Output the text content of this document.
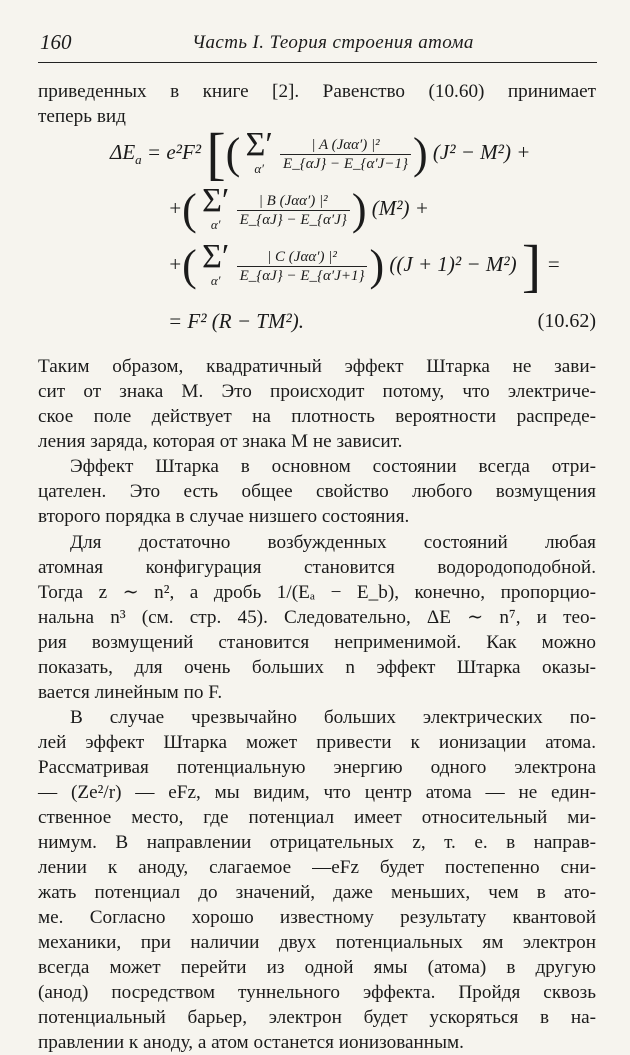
160	Часть I. Теория строения атома

приведенных в книге [2]. Равенство (10.60) принимает

теперь вид

$\Delta E_a = e^2F^2$ [( Σ′
α′
	$\frac{\text{| A (Jαα′) |²}}{E\_\{\alpha J\} - E\_\{\alpha'J-1\}}$ ) (J² − M²) +
+( Σ′
α′
	$\frac{\text{| B (Jαα′) |²}}{E\_\{\alpha J\} - E\_\{\alpha'J\}}$ ) (M²) +
+( Σ′
α′
	$\frac{\text{| C (Jαα′) |²}}{E\_\{\alpha J\} - E\_\{\alpha'J+1\}}$ ) ((J + 1)² − M²) ] =
= F² (R − TM²).	(10.62)

Таким образом, квадратичный эффект Штарка не зави-

сит от знака M. Это происходит потому, что электриче-

ское поле действует на плотность вероятности распреде-

ления заряда, которая от знака M не зависит.

Эффект Штарка в основном состоянии всегда отри-

цателен. Это есть общее свойство любого возмущения

второго порядка в случае низшего состояния.

Для достаточно возбужденных состояний любая

атомная конфигурация становится водородоподобной.

Тогда z ∼ n², а дробь 1/(Eₐ − E_b), конечно, пропорцио-

нальна n³ (см. стр. 45). Следовательно, ΔE ∼ n⁷, и тео-

рия возмущений становится неприменимой. Как можно

показать, для очень больших n эффект Штарка оказы-

вается линейным по F.

В случае чрезвычайно больших электрических по-

лей эффект Штарка может привести к ионизации атома.

Рассматривая потенциальную энергию одного электрона

— (Ze²/r) — eFz, мы видим, что центр атома — не един-

ственное место, где потенциал имеет относительный ми-

нимум. В направлении отрицательных z, т. е. в направ-

лении к аноду, слагаемое —eFz будет постепенно сни-

жать потенциал до значений, даже меньших, чем в ато-

ме. Согласно хорошо известному результату квантовой

механики, при наличии двух потенциальных ям электрон

всегда может перейти из одной ямы (атома) в другую

(анод) посредством туннельного эффекта. Пройдя сквозь

потенциальный барьер, электрон будет ускоряться в на-

правлении к аноду, а атом останется ионизованным.
